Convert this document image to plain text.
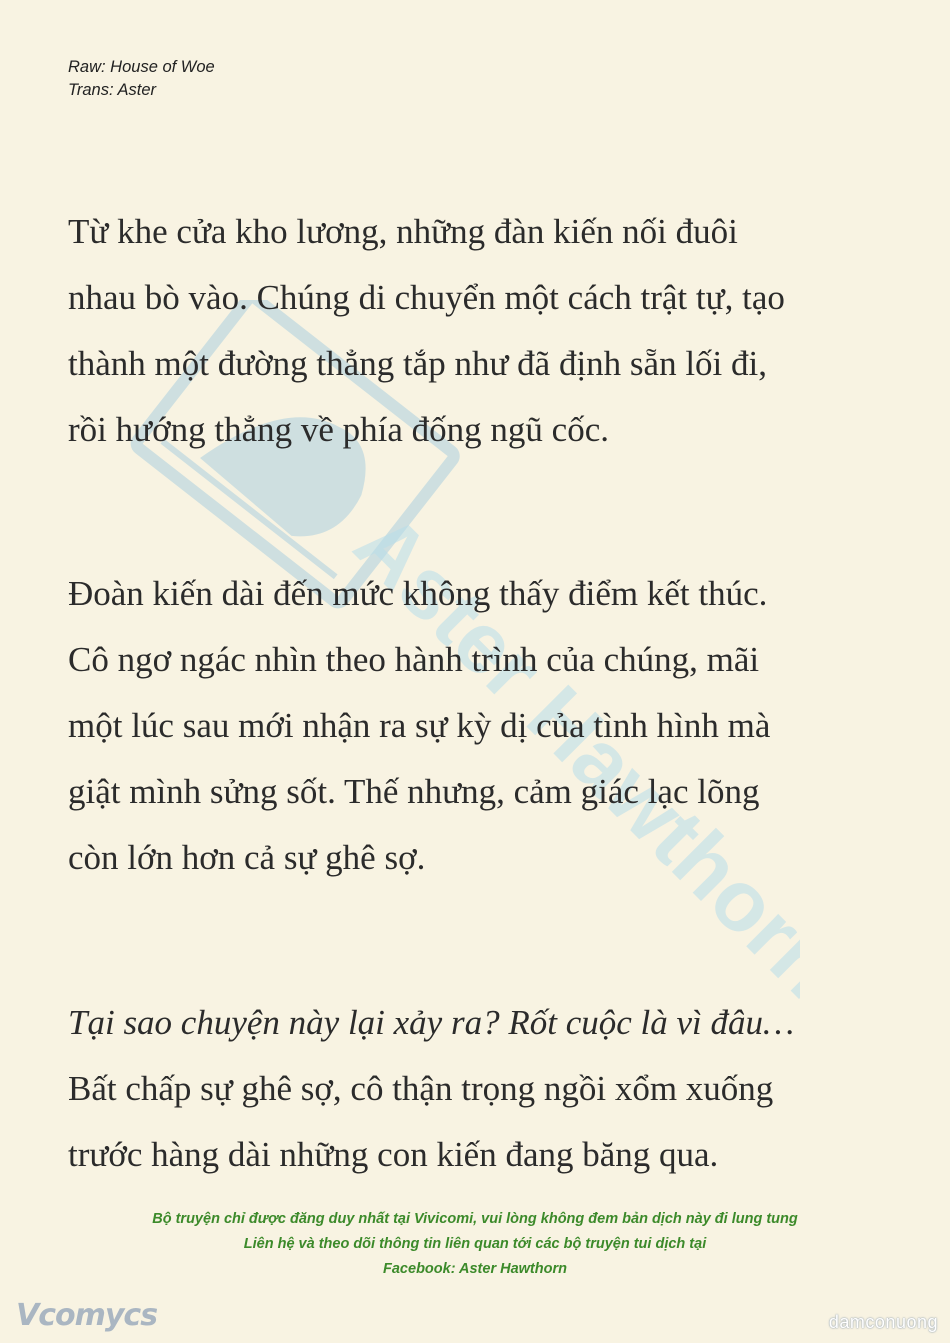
Aster Hawthorn
Raw: House of Woe
Trans: Aster
Từ khe cửa kho lương, những đàn kiến nối đuôi
nhau bò vào. Chúng di chuyển một cách trật tự, tạo
thành một đường thẳng tắp như đã định sẵn lối đi,
rồi hướng thẳng về phía đống ngũ cốc.
Đoàn kiến dài đến mức không thấy điểm kết thúc.
Cô ngơ ngác nhìn theo hành trình của chúng, mãi
một lúc sau mới nhận ra sự kỳ dị của tình hình mà
giật mình sửng sốt. Thế nhưng, cảm giác lạc lõng
còn lớn hơn cả sự ghê sợ.
Tại sao chuyện này lại xảy ra? Rốt cuộc là vì đâu…
Bất chấp sự ghê sợ, cô thận trọng ngồi xổm xuống
trước hàng dài những con kiến đang băng qua.
Bộ truyện chỉ được đăng duy nhất tại Vivicomi, vui lòng không đem bản dịch này đi lung tung
Liên hệ và theo dõi thông tin liên quan tới các bộ truyện tui dịch tại
Facebook: Aster Hawthorn
Vcomycs	damconuong
